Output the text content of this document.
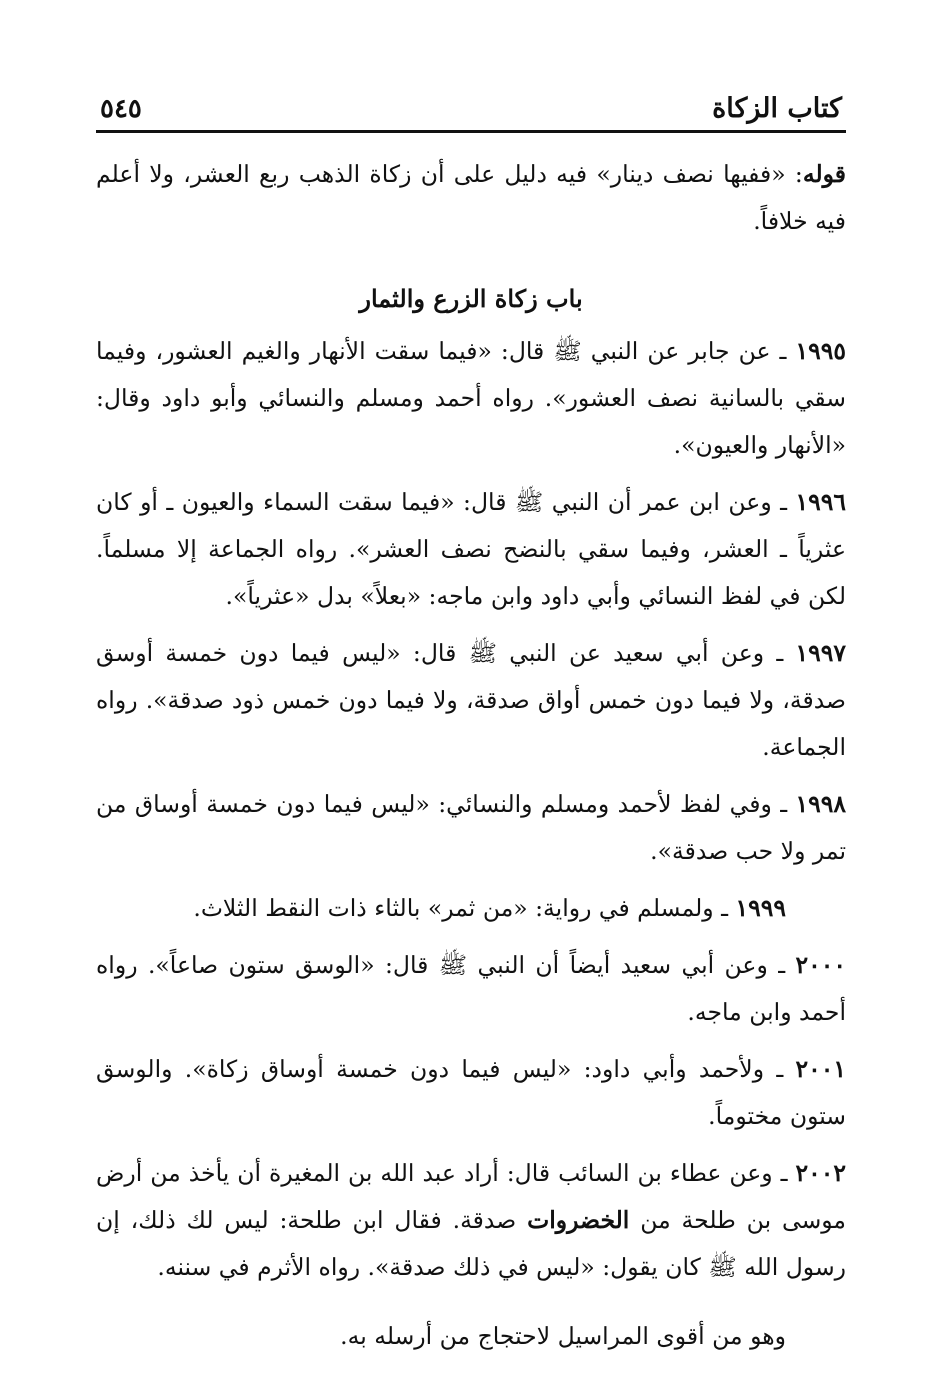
كتاب الزكاة
٥٤٥

قوله: «ففيها نصف دينار» فيه دليل على أن زكاة الذهب ربع العشر، ولا أعلم فيه خلافاً.

باب زكاة الزرع والثمار

١٩٩٥ ـ عن جابر عن النبي ﷺ قال: «فيما سقت الأنهار والغيم العشور، وفيما سقي بالسانية نصف العشور». رواه أحمد ومسلم والنسائي وأبو داود وقال: «الأنهار والعيون».

١٩٩٦ ـ وعن ابن عمر أن النبي ﷺ قال: «فيما سقت السماء والعيون ـ أو كان عثرياً ـ العشر، وفيما سقي بالنضح نصف العشر». رواه الجماعة إلا مسلماً. لكن في لفظ النسائي وأبي داود وابن ماجه: «بعلاً» بدل «عثرياً».

١٩٩٧ ـ وعن أبي سعيد عن النبي ﷺ قال: «ليس فيما دون خمسة أوسق صدقة، ولا فيما دون خمس أواق صدقة، ولا فيما دون خمس ذود صدقة». رواه الجماعة.

١٩٩٨ ـ وفي لفظ لأحمد ومسلم والنسائي: «ليس فيما دون خمسة أوساق من تمر ولا حب صدقة».

١٩٩٩ ـ ولمسلم في رواية: «من ثمر» بالثاء ذات النقط الثلاث.

٢٠٠٠ ـ وعن أبي سعيد أيضاً أن النبي ﷺ قال: «الوسق ستون صاعاً». رواه أحمد وابن ماجه.

٢٠٠١ ـ ولأحمد وأبي داود: «ليس فيما دون خمسة أوساق زكاة». والوسق ستون مختوماً.

٢٠٠٢ ـ وعن عطاء بن السائب قال: أراد عبد الله بن المغيرة أن يأخذ من أرض موسى بن طلحة من الخضروات صدقة. فقال ابن طلحة: ليس لك ذلك، إن رسول الله ﷺ كان يقول: «ليس في ذلك صدقة». رواه الأثرم في سننه.

وهو من أقوى المراسيل لاحتجاج من أرسله به.
